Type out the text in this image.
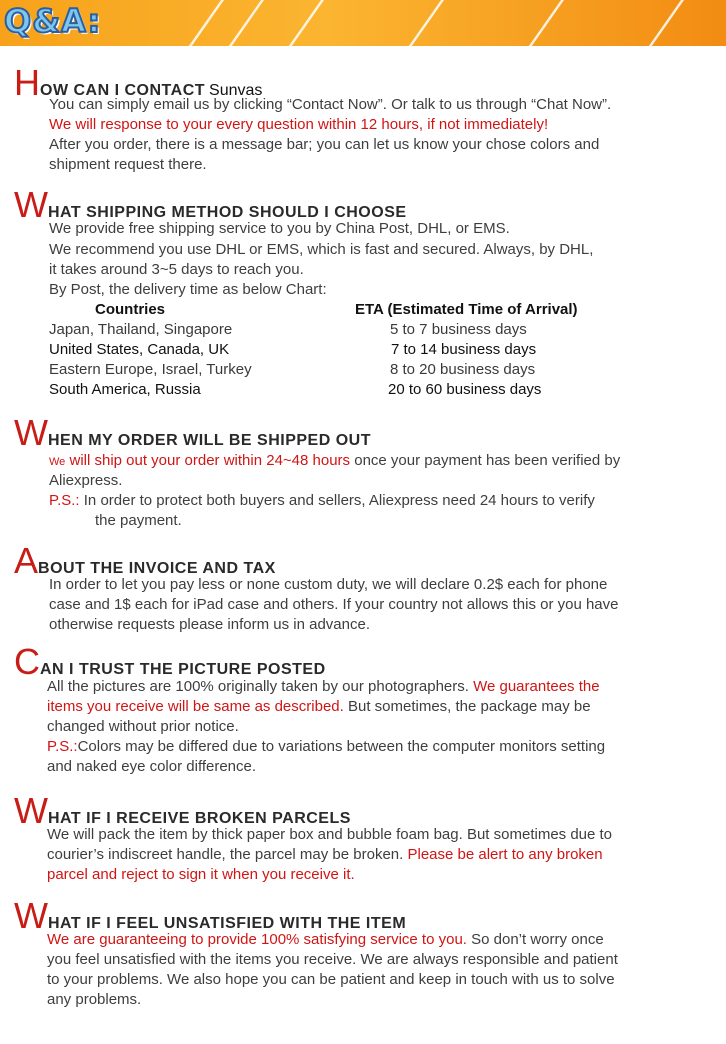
Q&A:
HOW CAN I CONTACT Sunvas
You can simply email us by clicking “Contact Now”. Or talk to us through “Chat Now”.
We will response to your every question within 12 hours, if not immediately!
After you order, there is a message bar; you can let us know your chose colors and
shipment request there.
WHAT SHIPPING METHOD SHOULD I CHOOSE
We provide free shipping service to you by China Post, DHL, or EMS.
We recommend you use DHL or EMS, which is fast and secured. Always, by DHL,
it takes around 3~5 days to reach you.
By Post, the delivery time as below Chart:
Countries	ETA (Estimated Time of Arrival)
Japan, Thailand, Singapore	5 to 7 business days
United States, Canada, UK	7 to 14 business days
Eastern Europe, Israel, Turkey	8 to 20 business days
South America, Russia	20 to 60 business days
WHEN MY ORDER WILL BE SHIPPED OUT
We will ship out your order within 24~48 hours once your payment has been verified by
Aliexpress.
P.S.: In order to protect both buyers and sellers, Aliexpress need 24 hours to verify
the payment.
ABOUT THE INVOICE AND TAX
In order to let you pay less or none custom duty, we will declare 0.2$ each for phone
case and 1$ each for iPad case and others. If your country not allows this or you have
otherwise requests please inform us in advance.
CAN I TRUST THE PICTURE POSTED
All the pictures are 100% originally taken by our photographers. We guarantees the
items you receive will be same as described. But sometimes, the package may be
changed without prior notice.
P.S.:Colors may be differed due to variations between the computer monitors setting
and naked eye color difference.
WHAT IF I RECEIVE BROKEN PARCELS
We will pack the item by thick paper box and bubble foam bag. But sometimes due to
courier’s indiscreet handle, the parcel may be broken. Please be alert to any broken
parcel and reject to sign it when you receive it.
WHAT IF I FEEL UNSATISFIED WITH THE ITEM
We are guaranteeing to provide 100% satisfying service to you. So don’t worry once
you feel unsatisfied with the items you receive. We are always responsible and patient
to your problems. We also hope you can be patient and keep in touch with us to solve
any problems.
